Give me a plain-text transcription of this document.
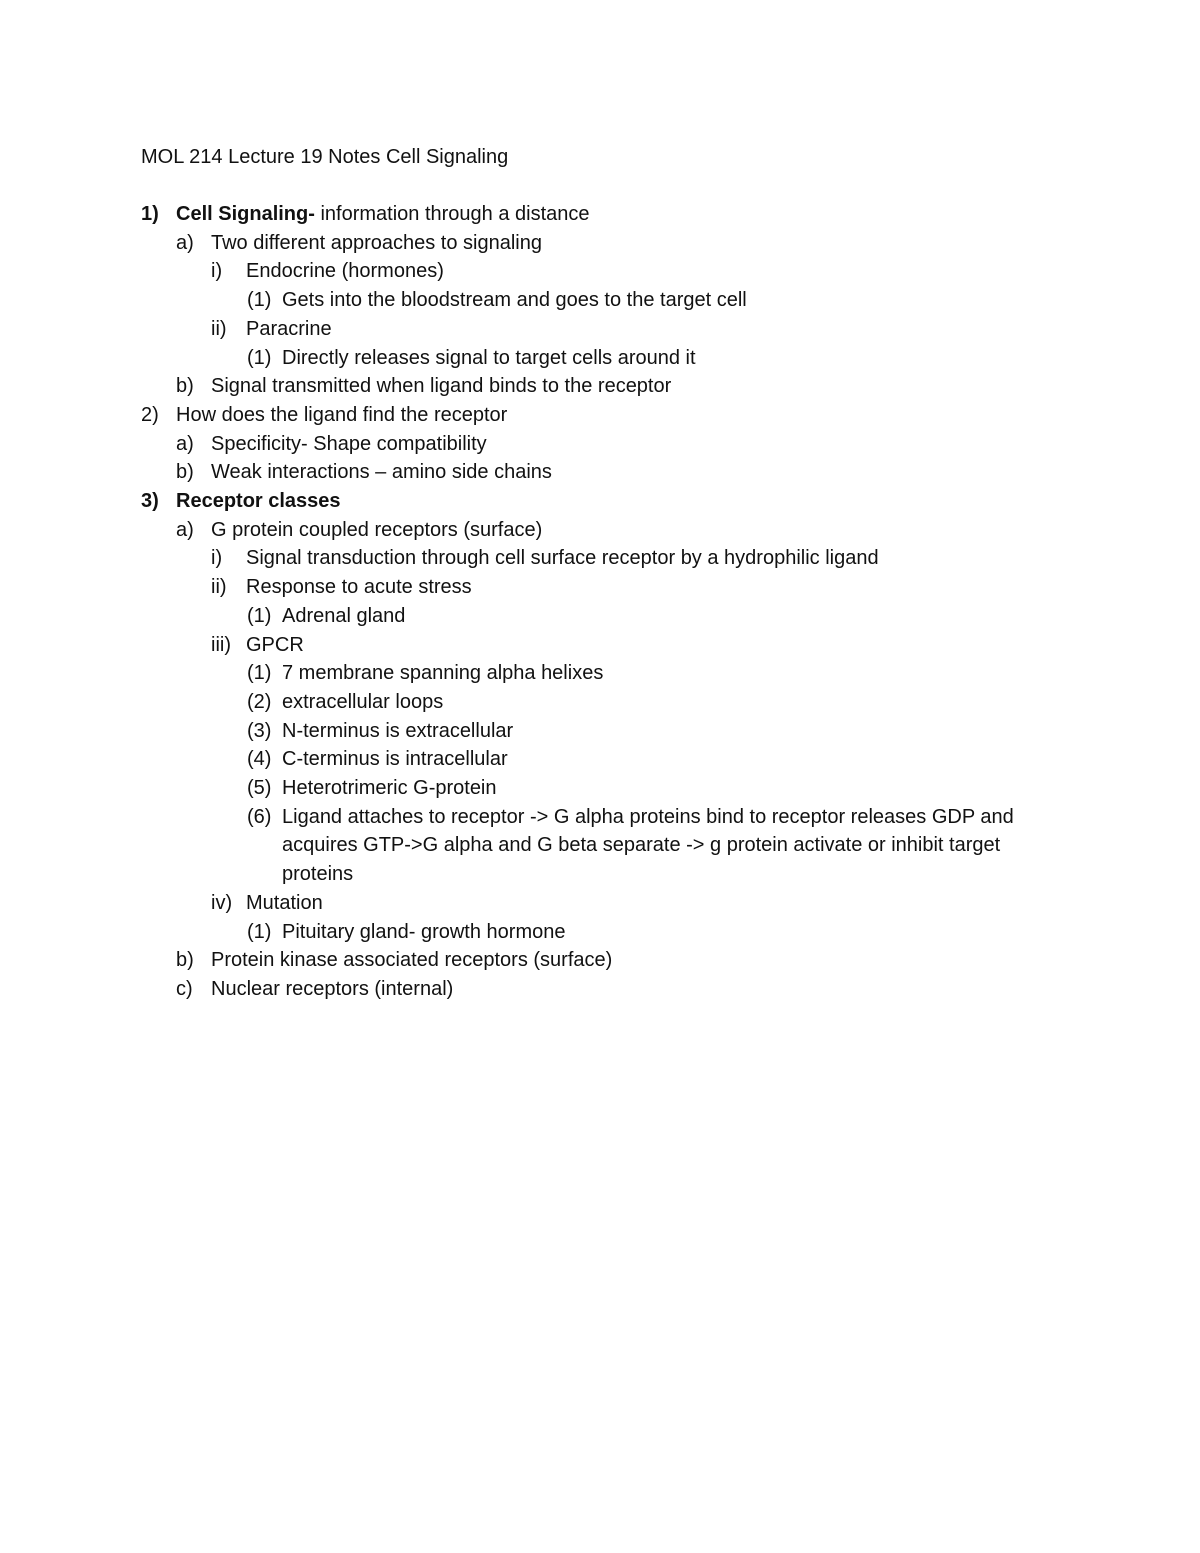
MOL 214 Lecture 19 Notes Cell Signaling
1) Cell Signaling- information through a distance
a) Two different approaches to signaling
i)	Endocrine (hormones)
(1) Gets into the bloodstream and goes to the target cell
ii) Paracrine
(1) Directly releases signal to target cells around it
b) Signal transmitted when ligand binds to the receptor
2) How does the ligand find the receptor
a) Specificity- Shape compatibility
b) Weak interactions – amino side chains
3) Receptor classes
a) G protein coupled receptors (surface)
i)	Signal transduction through cell surface receptor by a hydrophilic ligand
ii) Response to acute stress
(1) Adrenal gland
iii) GPCR
(1) 7 membrane spanning alpha helixes
(2) extracellular loops
(3) N-terminus is extracellular
(4) C-terminus is intracellular
(5) Heterotrimeric G-protein
(6) Ligand attaches to receptor -> G alpha proteins bind to receptor releases GDP and acquires GTP->G alpha and G beta separate -> g protein activate or inhibit target proteins
iv) Mutation
(1) Pituitary gland- growth hormone
b) Protein kinase associated receptors (surface)
c) Nuclear receptors (internal)
